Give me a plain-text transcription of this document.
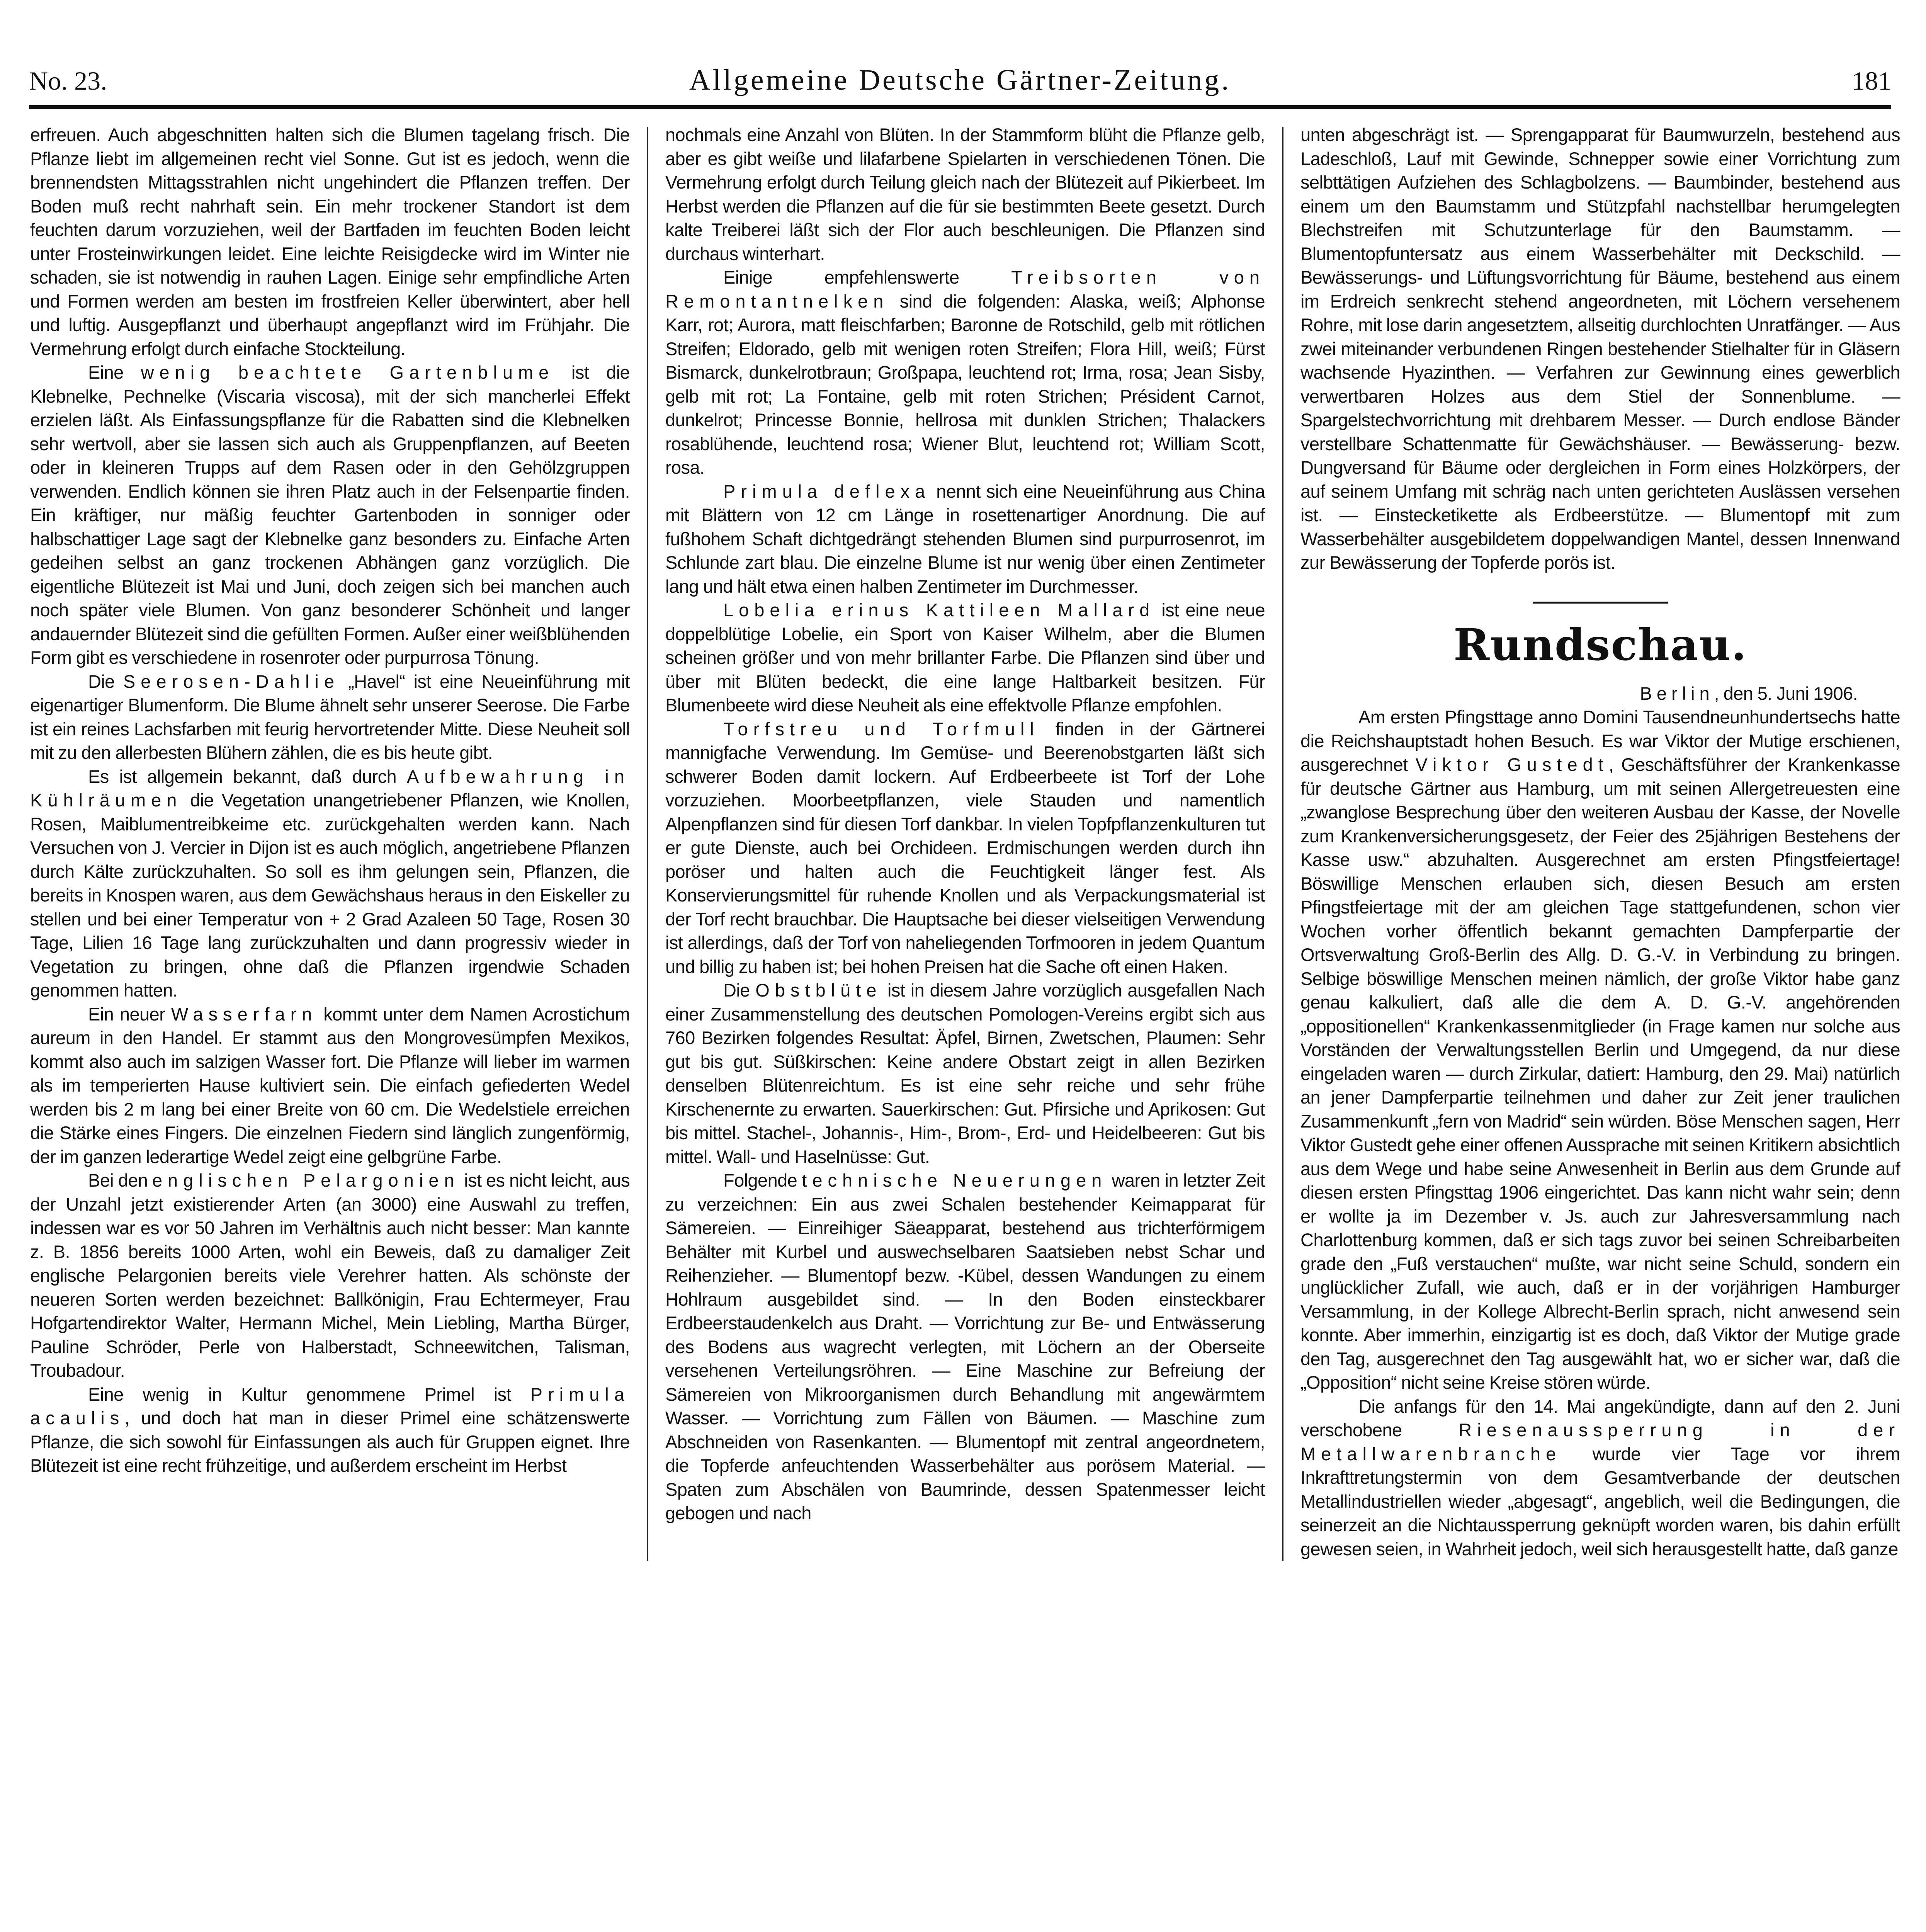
No. 23.	Allgemeine Deutsche Gärtner-Zeitung.	181

erfreuen. Auch abgeschnitten halten sich die Blumen tagelang frisch. Die Pflanze liebt im allgemeinen recht viel Sonne. Gut ist es jedoch, wenn die brennendsten Mittagsstrahlen nicht ungehindert die Pflanzen treffen. Der Boden muß recht nahrhaft sein. Ein mehr trockener Standort ist dem feuchten darum vorzuziehen, weil der Bartfaden im feuchten Boden leicht unter Frosteinwirkungen leidet. Eine leichte Reisigdecke wird im Winter nie schaden, sie ist notwendig in rauhen Lagen. Einige sehr empfindliche Arten und Formen werden am besten im frostfreien Keller überwintert, aber hell und luftig. Ausgepflanzt und überhaupt angepflanzt wird im Frühjahr. Die Vermehrung erfolgt durch einfache Stockteilung.

Eine wenig beachtete Gartenblume ist die Klebnelke, Pechnelke (Viscaria viscosa), mit der sich mancherlei Effekt erzielen läßt. Als Einfassungspflanze für die Rabatten sind die Klebnelken sehr wertvoll, aber sie lassen sich auch als Gruppenpflanzen, auf Beeten oder in kleineren Trupps auf dem Rasen oder in den Gehölzgruppen verwenden. Endlich können sie ihren Platz auch in der Felsenpartie finden. Ein kräftiger, nur mäßig feuchter Gartenboden in sonniger oder halbschattiger Lage sagt der Klebnelke ganz besonders zu. Einfache Arten gedeihen selbst an ganz trockenen Abhängen ganz vorzüglich. Die eigentliche Blütezeit ist Mai und Juni, doch zeigen sich bei manchen auch noch später viele Blumen. Von ganz besonderer Schönheit und langer andauernder Blütezeit sind die gefüllten Formen. Außer einer weißblühenden Form gibt es verschiedene in rosenroter oder purpurrosa Tönung.

Die Seerosen-Dahlie „Havel“ ist eine Neueinführung mit eigenartiger Blumenform. Die Blume ähnelt sehr unserer Seerose. Die Farbe ist ein reines Lachsfarben mit feurig hervortretender Mitte. Diese Neuheit soll mit zu den allerbesten Blühern zählen, die es bis heute gibt.

Es ist allgemein bekannt, daß durch Aufbewahrung in Kühlräumen die Vegetation unangetriebener Pflanzen, wie Knollen, Rosen, Maiblumentreibkeime etc. zurückgehalten werden kann. Nach Versuchen von J. Vercier in Dijon ist es auch möglich, angetriebene Pflanzen durch Kälte zurückzuhalten. So soll es ihm gelungen sein, Pflanzen, die bereits in Knospen waren, aus dem Gewächshaus heraus in den Eiskeller zu stellen und bei einer Temperatur von + 2 Grad Azaleen 50 Tage, Rosen 30 Tage, Lilien 16 Tage lang zurückzuhalten und dann progressiv wieder in Vegetation zu bringen, ohne daß die Pflanzen irgendwie Schaden genommen hatten.

Ein neuer Wasserfarn kommt unter dem Namen Acrostichum aureum in den Handel. Er stammt aus den Mongrovesümpfen Mexikos, kommt also auch im salzigen Wasser fort. Die Pflanze will lieber im warmen als im temperierten Hause kultiviert sein. Die einfach gefiederten Wedel werden bis 2 m lang bei einer Breite von 60 cm. Die Wedelstiele erreichen die Stärke eines Fingers. Die einzelnen Fiedern sind länglich zungenförmig, der im ganzen lederartige Wedel zeigt eine gelbgrüne Farbe.

Bei den englischen Pelargonien ist es nicht leicht, aus der Unzahl jetzt existierender Arten (an 3000) eine Auswahl zu treffen, indessen war es vor 50 Jahren im Verhältnis auch nicht besser: Man kannte z. B. 1856 bereits 1000 Arten, wohl ein Beweis, daß zu damaliger Zeit englische Pelargonien bereits viele Verehrer hatten. Als schönste der neueren Sorten werden bezeichnet: Ballkönigin, Frau Echtermeyer, Frau Hofgartendirektor Walter, Hermann Michel, Mein Liebling, Martha Bürger, Pauline Schröder, Perle von Halberstadt, Schneewitchen, Talisman, Troubadour.

Eine wenig in Kultur genommene Primel ist Primula acaulis, und doch hat man in dieser Primel eine schätzenswerte Pflanze, die sich sowohl für Einfassungen als auch für Gruppen eignet. Ihre Blütezeit ist eine recht frühzeitige, und außerdem erscheint im Herbst

nochmals eine Anzahl von Blüten. In der Stammform blüht die Pflanze gelb, aber es gibt weiße und lilafarbene Spielarten in verschiedenen Tönen. Die Vermehrung erfolgt durch Teilung gleich nach der Blütezeit auf Pikierbeet. Im Herbst werden die Pflanzen auf die für sie bestimmten Beete gesetzt. Durch kalte Treiberei läßt sich der Flor auch beschleunigen. Die Pflanzen sind durchaus winterhart.

Einige empfehlenswerte Treibsorten von Remontantnelken sind die folgenden: Alaska, weiß; Alphonse Karr, rot; Aurora, matt fleischfarben; Baronne de Rotschild, gelb mit rötlichen Streifen; Eldorado, gelb mit wenigen roten Streifen; Flora Hill, weiß; Fürst Bismarck, dunkelrotbraun; Großpapa, leuchtend rot; Irma, rosa; Jean Sisby, gelb mit rot; La Fontaine, gelb mit roten Strichen; Président Carnot, dunkelrot; Princesse Bonnie, hellrosa mit dunklen Strichen; Thalackers rosablühende, leuchtend rosa; Wiener Blut, leuchtend rot; William Scott, rosa.

Primula deflexa nennt sich eine Neueinführung aus China mit Blättern von 12 cm Länge in rosettenartiger Anordnung. Die auf fußhohem Schaft dichtgedrängt stehenden Blumen sind purpurrosenrot, im Schlunde zart blau. Die einzelne Blume ist nur wenig über einen Zentimeter lang und hält etwa einen halben Zentimeter im Durchmesser.

Lobelia erinus Kattileen Mallard ist eine neue doppelblütige Lobelie, ein Sport von Kaiser Wilhelm, aber die Blumen scheinen größer und von mehr brillanter Farbe. Die Pflanzen sind über und über mit Blüten bedeckt, die eine lange Haltbarkeit besitzen. Für Blumenbeete wird diese Neuheit als eine effektvolle Pflanze empfohlen.

Torfstreu und Torfmull finden in der Gärtnerei mannigfache Verwendung. Im Gemüse- und Beerenobstgarten läßt sich schwerer Boden damit lockern. Auf Erdbeerbeete ist Torf der Lohe vorzuziehen. Moorbeetpflanzen, viele Stauden und namentlich Alpenpflanzen sind für diesen Torf dankbar. In vielen Topfpflanzenkulturen tut er gute Dienste, auch bei Orchideen. Erdmischungen werden durch ihn poröser und halten auch die Feuchtigkeit länger fest. Als Konservierungsmittel für ruhende Knollen und als Verpackungsmaterial ist der Torf recht brauchbar. Die Hauptsache bei dieser vielseitigen Verwendung ist allerdings, daß der Torf von naheliegenden Torfmooren in jedem Quantum und billig zu haben ist; bei hohen Preisen hat die Sache oft einen Haken.

Die Obstblüte ist in diesem Jahre vorzüglich ausgefallen Nach einer Zusammenstellung des deutschen Pomologen-Vereins ergibt sich aus 760 Bezirken folgendes Resultat: Äpfel, Birnen, Zwetschen, Plaumen: Sehr gut bis gut. Süßkirschen: Keine andere Obstart zeigt in allen Bezirken denselben Blütenreichtum. Es ist eine sehr reiche und sehr frühe Kirschenernte zu erwarten. Sauerkirschen: Gut. Pfirsiche und Aprikosen: Gut bis mittel. Stachel-, Johannis-, Him-, Brom-, Erd- und Heidelbeeren: Gut bis mittel. Wall- und Haselnüsse: Gut.

Folgende technische Neuerungen waren in letzter Zeit zu verzeichnen: Ein aus zwei Schalen bestehender Keimapparat für Sämereien. — Einreihiger Säeapparat, bestehend aus trichterförmigem Behälter mit Kurbel und auswechselbaren Saatsieben nebst Schar und Reihenzieher. — Blumentopf bezw. -Kübel, dessen Wandungen zu einem Hohlraum ausgebildet sind. — In den Boden einsteckbarer Erdbeerstaudenkelch aus Draht. — Vorrichtung zur Be- und Entwässerung des Bodens aus wagrecht verlegten, mit Löchern an der Oberseite versehenen Verteilungsröhren. — Eine Maschine zur Befreiung der Sämereien von Mikroorganismen durch Behandlung mit angewärmtem Wasser. — Vorrichtung zum Fällen von Bäumen. — Maschine zum Abschneiden von Rasenkanten. — Blumentopf mit zentral angeordnetem, die Topferde anfeuchtenden Wasserbehälter aus porösem Material. — Spaten zum Abschälen von Baumrinde, dessen Spatenmesser leicht gebogen und nach

unten abgeschrägt ist. — Sprengapparat für Baumwurzeln, bestehend aus Ladeschloß, Lauf mit Gewinde, Schnepper sowie einer Vorrichtung zum selbttätigen Aufziehen des Schlagbolzens. — Baumbinder, bestehend aus einem um den Baumstamm und Stützpfahl nachstellbar herumgelegten Blechstreifen mit Schutzunterlage für den Baumstamm. — Blumentopfuntersatz aus einem Wasserbehälter mit Deckschild. — Bewässerungs- und Lüftungsvorrichtung für Bäume, bestehend aus einem im Erdreich senkrecht stehend angeordneten, mit Löchern versehenem Rohre, mit lose darin angesetztem, allseitig durchlochten Unratfänger. — Aus zwei miteinander verbundenen Ringen bestehender Stielhalter für in Gläsern wachsende Hyazinthen. — Verfahren zur Gewinnung eines gewerblich verwertbaren Holzes aus dem Stiel der Sonnenblume. — Spargelstechvorrichtung mit drehbarem Messer. — Durch endlose Bänder verstellbare Schattenmatte für Gewächshäuser. — Bewässerung- bezw. Dungversand für Bäume oder dergleichen in Form eines Holzkörpers, der auf seinem Umfang mit schräg nach unten gerichteten Auslässen versehen ist. — Einstecketikette als Erdbeerstütze. — Blumentopf mit zum Wasserbehälter ausgebildetem doppelwandigen Mantel, dessen Innenwand zur Bewässerung der Topferde porös ist.

Rundschau.

Berlin, den 5. Juni 1906.

Am ersten Pfingsttage anno Domini Tausendneunhundertsechs hatte die Reichshauptstadt hohen Besuch. Es war Viktor der Mutige erschienen, ausgerechnet Viktor Gustedt, Geschäftsführer der Krankenkasse für deutsche Gärtner aus Hamburg, um mit seinen Allergetreuesten eine „zwanglose Besprechung über den weiteren Ausbau der Kasse, der Novelle zum Krankenversicherungsgesetz, der Feier des 25jährigen Bestehens der Kasse usw.“ abzuhalten. Ausgerechnet am ersten Pfingstfeiertage! Böswillige Menschen erlauben sich, diesen Besuch am ersten Pfingstfeiertage mit der am gleichen Tage stattgefundenen, schon vier Wochen vorher öffentlich bekannt gemachten Dampferpartie der Ortsverwaltung Groß-Berlin des Allg. D. G.-V. in Verbindung zu bringen. Selbige böswillige Menschen meinen nämlich, der große Viktor habe ganz genau kalkuliert, daß alle die dem A. D. G.-V. angehörenden „oppositionellen“ Krankenkassenmitglieder (in Frage kamen nur solche aus Vorständen der Verwaltungsstellen Berlin und Umgegend, da nur diese eingeladen waren — durch Zirkular, datiert: Hamburg, den 29. Mai) natürlich an jener Dampferpartie teilnehmen und daher zur Zeit jener traulichen Zusammenkunft „fern von Madrid“ sein würden. Böse Menschen sagen, Herr Viktor Gustedt gehe einer offenen Aussprache mit seinen Kritikern absichtlich aus dem Wege und habe seine Anwesenheit in Berlin aus dem Grunde auf diesen ersten Pfingsttag 1906 eingerichtet. Das kann nicht wahr sein; denn er wollte ja im Dezember v. Js. auch zur Jahresversammlung nach Charlottenburg kommen, daß er sich tags zuvor bei seinen Schreibarbeiten grade den „Fuß verstauchen“ mußte, war nicht seine Schuld, sondern ein unglücklicher Zufall, wie auch, daß er in der vorjährigen Hamburger Versammlung, in der Kollege Albrecht-Berlin sprach, nicht anwesend sein konnte. Aber immerhin, einzigartig ist es doch, daß Viktor der Mutige grade den Tag, ausgerechnet den Tag ausgewählt hat, wo er sicher war, daß die „Opposition“ nicht seine Kreise stören würde.

Die anfangs für den 14. Mai angekündigte, dann auf den 2. Juni verschobene Riesenaussperrung in der Metallwarenbranche wurde vier Tage vor ihrem Inkrafttretungstermin von dem Gesamtverbande der deutschen Metallindustriellen wieder „abgesagt“, angeblich, weil die Bedingungen, die seinerzeit an die Nichtaussperrung geknüpft worden waren, bis dahin erfüllt gewesen seien, in Wahrheit jedoch, weil sich herausgestellt hatte, daß ganze
